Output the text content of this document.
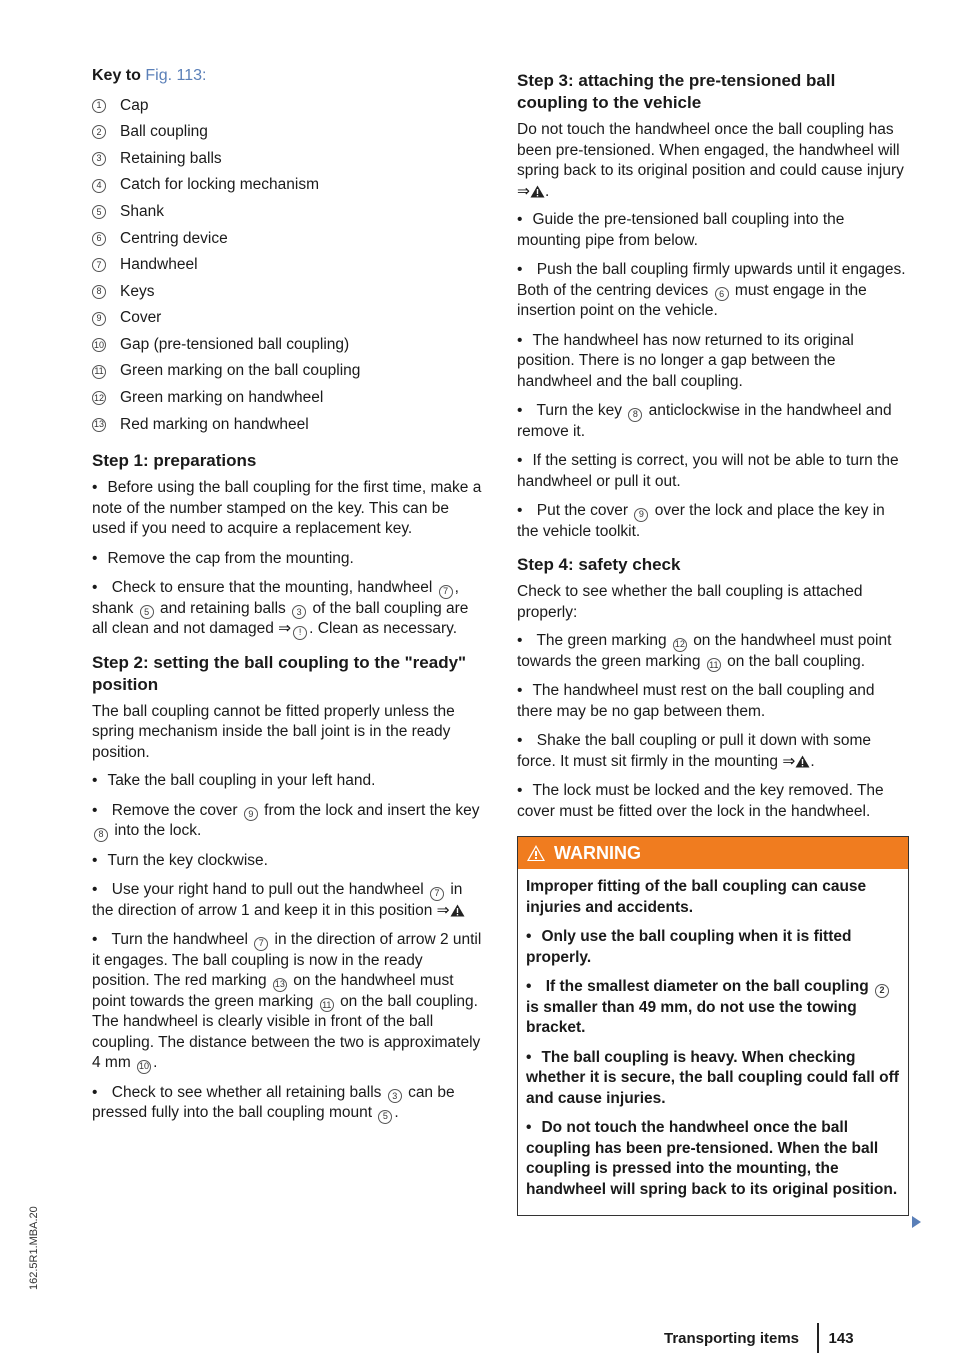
Key to Fig. 113:
1 Cap
2 Ball coupling
3 Retaining balls
4 Catch for locking mechanism
5 Shank
6 Centring device
7 Handwheel
8 Keys
9 Cover
10 Gap (pre-tensioned ball coupling)
11 Green marking on the ball coupling
12 Green marking on handwheel
13 Red marking on handwheel
Step 1: preparations
• Before using the ball coupling for the first time, make a note of the number stamped on the key. This can be used if you need to acquire a replacement key.
• Remove the cap from the mounting.
• Check to ensure that the mounting, handwheel 7 , shank 5 and retaining balls 3 of the ball coupling are all clean and not damaged ⇒ ! . Clean as necessary.
Step 2: setting the ball coupling to the "ready" position

The ball coupling cannot be fitted properly unless the spring mechanism inside the ball joint is in the ready position.

• Take the ball coupling in your left hand.
• Remove the cover 9 from the lock and insert the key 8 into the lock.
• Turn the key clockwise.
• Use your right hand to pull out the handwheel 7 in the direction of arrow 1 and keep it in this position ⇒
• Turn the handwheel 7 in the direction of arrow 2 until it engages. The ball coupling is now in the ready position. The red marking 13 on the handwheel must point towards the green marking 11 on the ball coupling. The handwheel is clearly visible in front of the ball coupling. The distance between the two is approximately 4 mm 10 .
• Check to see whether all retaining balls 3 can be pressed fully into the ball coupling mount 5 .
Step 3: attaching the pre-tensioned ball coupling to the vehicle

Do not touch the handwheel once the ball coupling has been pre-tensioned. When engaged, the handwheel will spring back to its original position and could cause injury ⇒ .

• Guide the pre-tensioned ball coupling into the mounting pipe from below.
• Push the ball coupling firmly upwards until it engages. Both of the centring devices 6 must engage in the insertion point on the vehicle.
• The handwheel has now returned to its original position. There is no longer a gap between the handwheel and the ball coupling.
• Turn the key 8 anticlockwise in the handwheel and remove it.
• If the setting is correct, you will not be able to turn the handwheel or pull it out.
• Put the cover 9 over the lock and place the key in the vehicle toolkit.
Step 4: safety check

Check to see whether the ball coupling is attached properly:

• The green marking 12 on the handwheel must point towards the green marking 11 on the ball coupling.
• The handwheel must rest on the ball coupling and there may be no gap between them.
• Shake the ball coupling or pull it down with some force. It must sit firmly in the mounting ⇒ .
• The lock must be locked and the key removed. The cover must be fitted over the lock in the handwheel.
WARNING

Improper fitting of the ball coupling can cause injuries and accidents.

• Only use the ball coupling when it is fitted properly.
• If the smallest diameter on the ball coupling 2 is smaller than 49 mm, do not use the towing bracket.
• The ball coupling is heavy. When checking whether it is secure, the ball coupling could fall off and cause injuries.
• Do not touch the handwheel once the ball coupling has been pre-tensioned. When the ball coupling is pressed into the mounting, the handwheel will spring back to its original position.
162.5R1.MBA.20
Transporting items 143
